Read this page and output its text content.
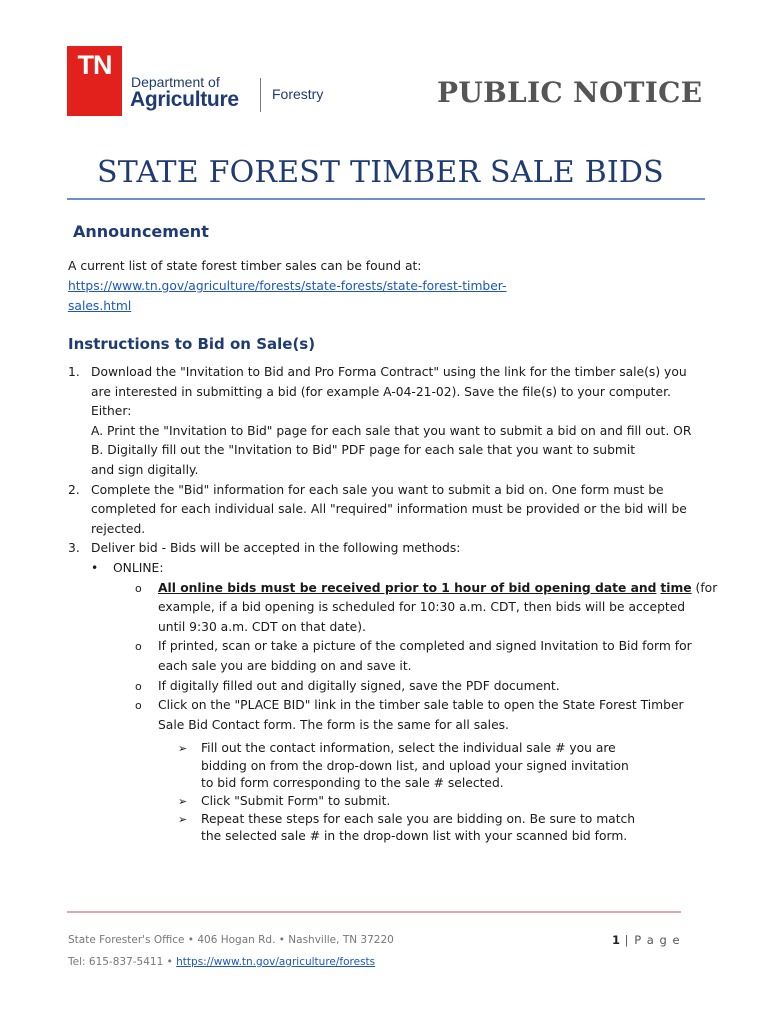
TN
Department of
Agriculture Forestry	PUBLIC NOTICE
STATE FOREST TIMBER SALE BIDS
Announcement
A current list of state forest timber sales can be found at:
https://www.tn.gov/agriculture/forests/state-forests/state-forest-timber-
sales.html
Instructions to Bid on Sale(s)
1. Download the "Invitation to Bid and Pro Forma Contract" using the link for the timber sale(s) you
are interested in submitting a bid (for example A-04-21-02). Save the file(s) to your computer.
Either:
A. Print the "Invitation to Bid" page for each sale that you want to submit a bid on and fill out. OR
B. Digitally fill out the "Invitation to Bid" PDF page for each sale that you want to submit
and sign digitally.
2. Complete the "Bid" information for each sale you want to submit a bid on. One form must be
completed for each individual sale. All "required" information must be provided or the bid will be
rejected.
3. Deliver bid - Bids will be accepted in the following methods:
• ONLINE:
o All online bids must be received prior to 1 hour of bid opening date and time (for
example, if a bid opening is scheduled for 10:30 a.m. CDT, then bids will be accepted
until 9:30 a.m. CDT on that date).
o If printed, scan or take a picture of the completed and signed Invitation to Bid form for
each sale you are bidding on and save it.
o If digitally filled out and digitally signed, save the PDF document.
o Click on the "PLACE BID" link in the timber sale table to open the State Forest Timber
Sale Bid Contact form. The form is the same for all sales.
➢ Fill out the contact information, select the individual sale # you are
bidding on from the drop-down list, and upload your signed invitation
to bid form corresponding to the sale # selected.
➢ Click "Submit Form" to submit.
➢ Repeat these steps for each sale you are bidding on. Be sure to match
the selected sale # in the drop-down list with your scanned bid form.
State Forester's Office • 406 Hogan Rd. • Nashville, TN 37220
Tel: 615-837-5411 • https://www.tn.gov/agriculture/forests
1 | P a g e
